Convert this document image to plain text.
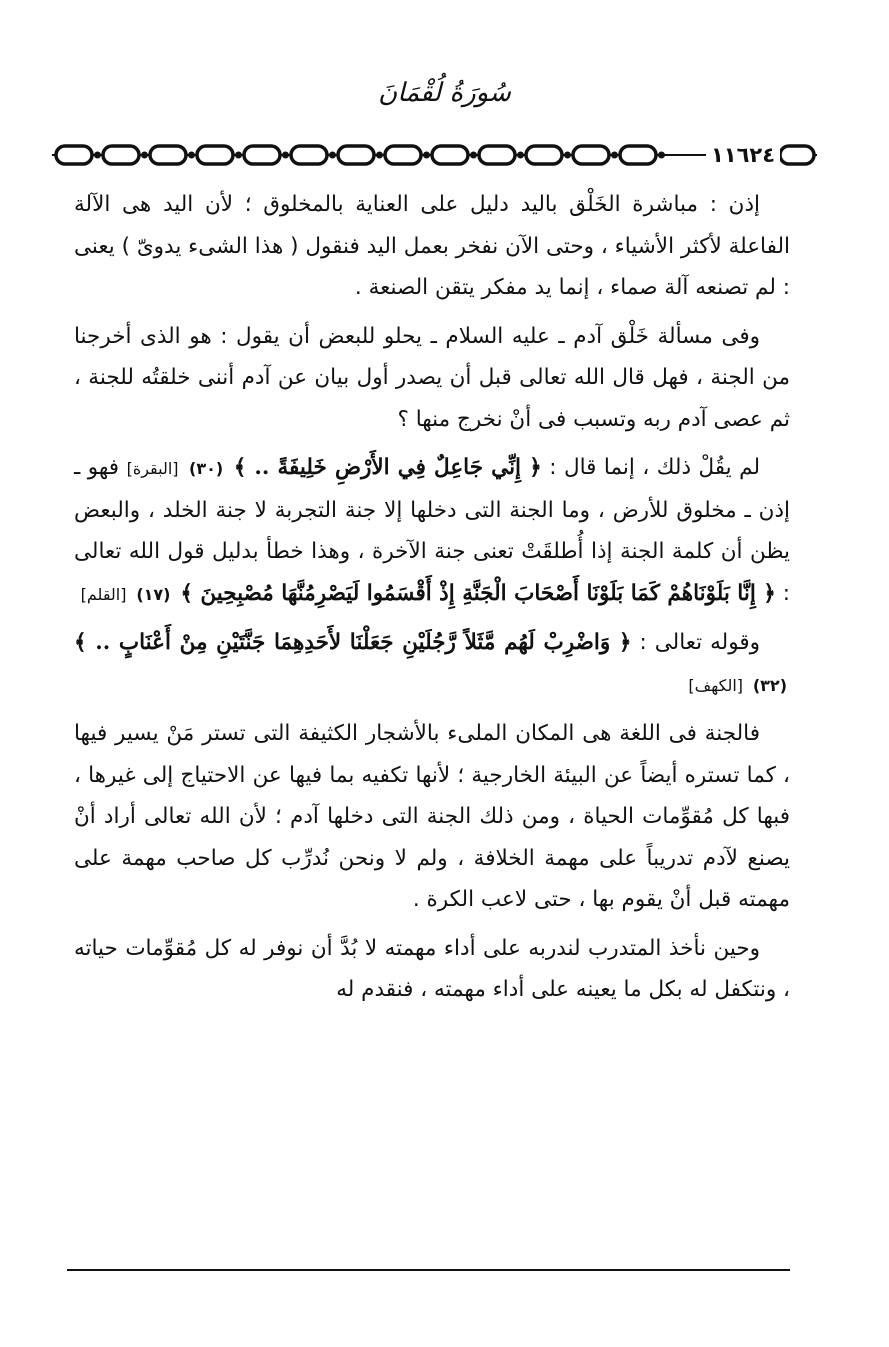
سُورَةُ لُقْمَانَ
١١٦٢٤

إذن : مباشرة الخَلْق باليد دليل على العناية بالمخلوق ؛ لأن اليد هى الآلة الفاعلة لأكثر الأشياء ، وحتى الآن نفخر بعمل اليد فنقول ( هذا الشىء يدوىّ ) يعنى : لم تصنعه آلة صماء ، إنما يد مفكر يتقن الصنعة .

وفى مسألة خَلْق آدم ـ عليه السلام ـ يحلو للبعض أن يقول : هو الذى أخرجنا من الجنة ، فهل قال الله تعالى قبل أن يصدر أول بيان عن آدم أننى خلقتُه للجنة ، ثم عصى آدم ربه وتسبب فى أنْ نخرج منها ؟

لم يقُلْ ذلك ، إنما قال : ﴿ إِنِّي جَاعِلٌ فِي الأَرْضِ خَلِيفَةً .. ﴾ (٣٠) [البقرة] فهو ـ إذن ـ مخلوق للأرض ، وما الجنة التى دخلها إلا جنة التجربة لا جنة الخلد ، والبعض يظن أن كلمة الجنة إذا أُطلقَتْ تعنى جنة الآخرة ، وهذا خطأ بدليل قول الله تعالى : ﴿ إِنَّا بَلَوْنَاهُمْ كَمَا بَلَوْنَا أَصْحَابَ الْجَنَّةِ إِذْ أَقْسَمُوا لَيَصْرِمُنَّهَا مُصْبِحِينَ ﴾ (١٧) [القلم]

وقوله تعالى : ﴿ وَاضْرِبْ لَهُم مَّثَلاً رَّجُلَيْنِ جَعَلْنَا لأَحَدِهِمَا جَنَّتَيْنِ مِنْ أَعْنَابٍ .. ﴾ (٣٢) [الكهف]

فالجنة فى اللغة هى المكان الملىء بالأشجار الكثيفة التى تستر مَنْ يسير فيها ، كما تستره أيضاً عن البيئة الخارجية ؛ لأنها تكفيه بما فيها عن الاحتياج إلى غيرها ، فبها كل مُقوِّمات الحياة ، ومن ذلك الجنة التى دخلها آدم ؛ لأن الله تعالى أراد أنْ يصنع لآدم تدريباً على مهمة الخلافة ، ولم لا ونحن نُدرِّب كل صاحب مهمة على مهمته قبل أنْ يقوم بها ، حتى لاعب الكرة .

وحين نأخذ المتدرب لندربه على أداء مهمته لا بُدَّ أن نوفر له كل مُقوِّمات حياته ، ونتكفل له بكل ما يعينه على أداء مهمته ، فنقدم له
